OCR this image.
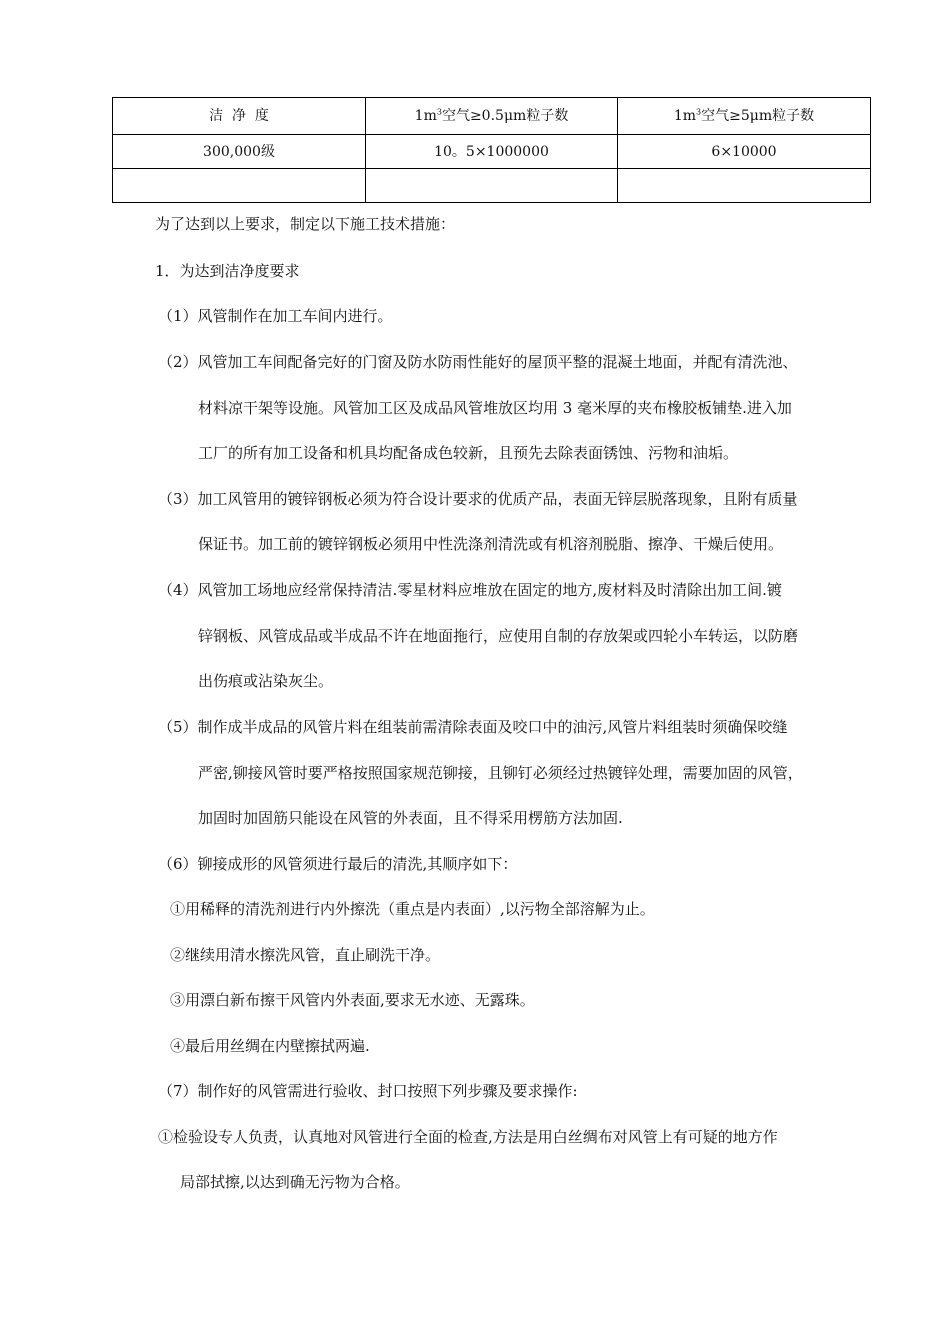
洁  净  度	$1m^3$空气≥0.5μm粒子数	$1m^3$空气≥5μm粒子数
300,000级	10。5×1000000	6×10000

为了达到以上要求，制定以下施工技术措施：
1．为达到洁净度要求
（1）风管制作在加工车间内进行。
（2）风管加工车间配备完好的门窗及防水防雨性能好的屋顶平整的混凝土地面，并配有清洗池、
材料凉干架等设施。风管加工区及成品风管堆放区均用 3 毫米厚的夹布橡胶板铺垫.进入加
工厂的所有加工设备和机具均配备成色较新，且预先去除表面锈蚀、污物和油垢。
（3）加工风管用的镀锌钢板必须为符合设计要求的优质产品，表面无锌层脱落现象，且附有质量
保证书。加工前的镀锌钢板必须用中性洗涤剂清洗或有机溶剂脱脂、擦净、干燥后使用。
（4）风管加工场地应经常保持清洁.零星材料应堆放在固定的地方,废材料及时清除出加工间.镀
锌钢板、风管成品或半成品不许在地面拖行，应使用自制的存放架或四轮小车转运，以防磨
出伤痕或沾染灰尘。
（5）制作成半成品的风管片料在组装前需清除表面及咬口中的油污,风管片料组装时须确保咬缝
严密,铆接风管时要严格按照国家规范铆接，且铆钉必须经过热镀锌处理，需要加固的风管，
加固时加固筋只能设在风管的外表面，且不得采用楞筋方法加固.
（6）铆接成形的风管须进行最后的清洗,其顺序如下：
①用稀释的清洗剂进行内外擦洗（重点是内表面）,以污物全部溶解为止。
②继续用清水擦洗风管，直止刷洗干净。
③用漂白新布擦干风管内外表面,要求无水迹、无露珠。
④最后用丝绸在内壁擦拭两遍.
（7）制作好的风管需进行验收、封口按照下列步骤及要求操作:
①检验设专人负责，认真地对风管进行全面的检查,方法是用白丝绸布对风管上有可疑的地方作
局部拭擦,以达到确无污物为合格。
